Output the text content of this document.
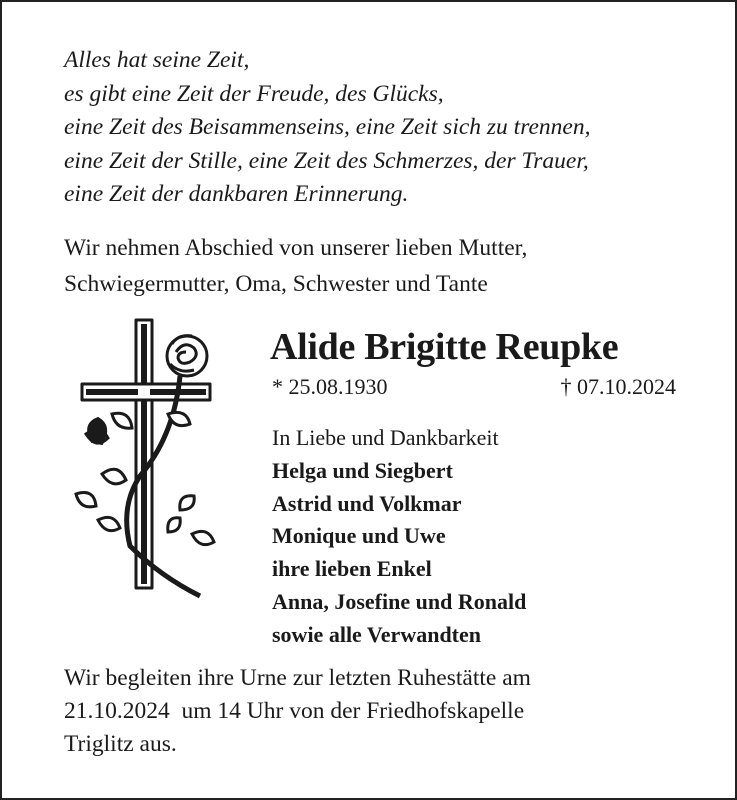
Alles hat seine Zeit,
es gibt eine Zeit der Freude, des Glücks,
eine Zeit des Beisammenseins, eine Zeit sich zu trennen,
eine Zeit der Stille, eine Zeit des Schmerzes, der Trauer,
eine Zeit der dankbaren Erinnerung.
Wir nehmen Abschied von unserer lieben Mutter,
Schwiegermutter, Oma, Schwester und Tante
Alide Brigitte Reupke
* 25.08.1930	† 07.10.2024
In Liebe und Dankbarkeit
Helga und Siegbert
Astrid und Volkmar
Monique und Uwe
ihre lieben Enkel
Anna, Josefine und Ronald
sowie alle Verwandten
Wir begleiten ihre Urne zur letzten Ruhestätte am
21.10.2024  um 14 Uhr von der Friedhofskapelle
Triglitz aus.
